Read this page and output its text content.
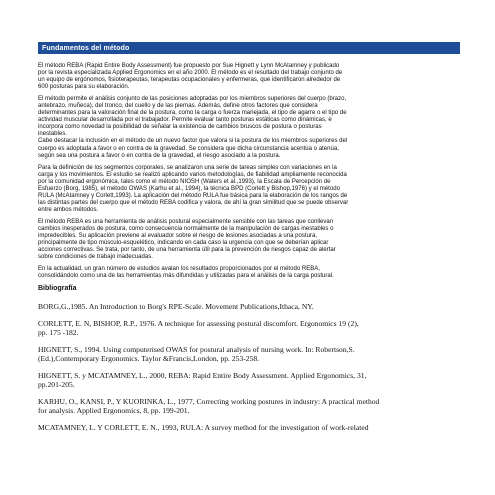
Fundamentos del método

El método REBA (Rapid Entire Body Assessment) fue propuesto por Sue Hignett y Lynn McAtamney y publicado
por la revista especializada Applied Ergonomics en el año 2000. El método es el resultado del trabajo conjunto de
un equipo de ergónomos, fisioterapeutas, terapeutas ocupacionales y enfermeras, que identificaron alrededor de
600 posturas para su elaboración.

El método permite el análisis conjunto de las posiciones adoptadas por los miembros superiores del cuerpo (brazo,
antebrazo, muñeca), del tronco, del cuello y de las piernas. Además, define otros factores que considera
determinantes para la valoración final de la postura, como la carga o fuerza manejada, el tipo de agarre o el tipo de
actividad muscular desarrollada por el trabajador. Permite evaluar tanto posturas estáticas como dinámicas, e
incorpora como novedad la posibilidad de señalar la existencia de cambios bruscos de postura o posturas
inestables.
Cabe destacar la inclusión en el método de un nuevo factor que valora si la postura de los miembros superiores del
cuerpo es adoptada a favor o en contra de la gravedad. Se considera que dicha circunstancia acentúa o atenúa,
según sea una postura a favor o en contra de la gravedad, el riesgo asociado a la postura.

Para la definición de los segmentos corporales, se analizaron una serie de tareas simples con variaciones en la
carga y los movimientos. El estudio se realizó aplicando varios metodologías, de fiabilidad ampliamente reconocida
por la comunidad ergonómica, tales como el método NIOSH (Waters et al.,1993), la Escala de Percepción de
Esfuerzo (Borg, 1985), el método OWAS (Karhu et al., 1994), la técnica BPD (Corlett y Bishop,1976) y el método
RULA (McAtamney y Corlett,1993). La aplicación del método RULA fue básica para la elaboración de los rangos de
las distintas partes del cuerpo que el método REBA codifica y valora, de ahí la gran similitud que se puede observar
entre ambos métodos.

El método REBA es una herramienta de análisis postural especialmente sensible con las tareas que conllevan
cambios inesperados de postura, como consecuencia normalmente de la manipulación de cargas inestables o
impredecibles. Su aplicación previene al evaluador sobre el riesgo de lesiones asociadas a una postura,
principalmente de tipo músculo-esquelético, indicando en cada caso la urgencia con que se deberían aplicar
acciones correctivas. Se trata, por tanto, de una herramienta útil para la prevención de riesgos capaz de alertar
sobre condiciones de trabajo inadecuadas.

En la actualidad, un gran número de estudios avalan los resultados proporcionados por el método REBA,
consolidándolo como una de las herramientas más difundidas y utilizadas para el análisis de la carga postural.

Bibliografía

BORG,G.,1985. An Introduction to Borg's RPE-Scale. Movement Publications,Ithaca, NY.

CORLETT, E. N, BISHOP, R.P., 1976. A technique for assessing postural discomfort. Ergonomics 19 (2),
pp. 175 -182.

HIGNETT, S., 1994. Using computerised OWAS for postural analysis of nursing work. In: Robertson,S.
(Ed.),Contemporary Ergonomics. Taylor &Francis,London, pp. 253-258.

HIGNETT, S. y MCATAMNEY, L., 2000, REBA: Rapid Entire Body Assessment. Applied Ergonomics, 31,
pp.201-205.

KARHU, O., KANSI, P., Y KUORINKA, L., 1977, Correcting working postures in industry: A practical method
for analysis. Applied Ergonomics, 8, pp. 199-201.

MCATAMNEY, L. Y CORLETT, E. N., 1993, RULA: A survey method for the investigation of work-related
